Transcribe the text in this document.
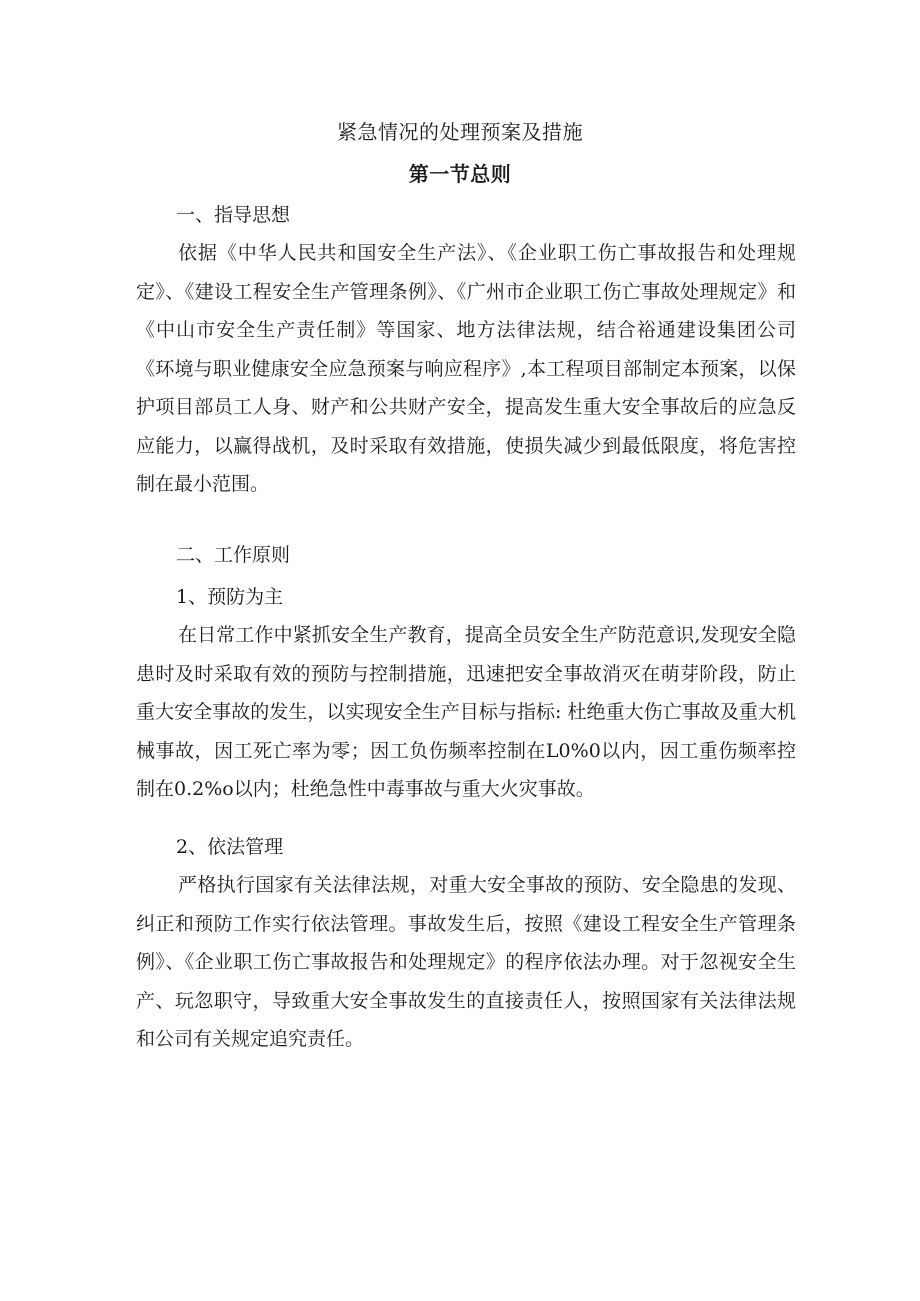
紧急情况的处理预案及措施
第一节总则
一、指导思想

依据《中华人民共和国安全生产法》、《企业职工伤亡事故报告和处理规定》、《建设工程安全生产管理条例》、《广州市企业职工伤亡事故处理规定》和《中山市安全生产责任制》等国家、地方法律法规，结合裕通建设集团公司《环境与职业健康安全应急预案与响应程序》,本工程项目部制定本预案，以保护项目部员工人身、财产和公共财产安全，提高发生重大安全事故后的应急反应能力，以赢得战机，及时采取有效措施，使损失减少到最低限度，将危害控制在最小范围。

二、工作原则
1、预防为主

在日常工作中紧抓安全生产教育，提高全员安全生产防范意识,发现安全隐患时及时采取有效的预防与控制措施，迅速把安全事故消灭在萌芽阶段，防止重大安全事故的发生，以实现安全生产目标与指标: 杜绝重大伤亡事故及重大机械事故，因工死亡率为零；因工负伤频率控制在L0%0以内，因工重伤频率控制在0.2%o以内；杜绝急性中毒事故与重大火灾事故。

2、依法管理

严格执行国家有关法律法规，对重大安全事故的预防、安全隐患的发现、纠正和预防工作实行依法管理。事故发生后，按照《建设工程安全生产管理条例》、《企业职工伤亡事故报告和处理规定》的程序依法办理。对于忽视安全生产、玩忽职守，导致重大安全事故发生的直接责任人，按照国家有关法律法规和公司有关规定追究责任。
